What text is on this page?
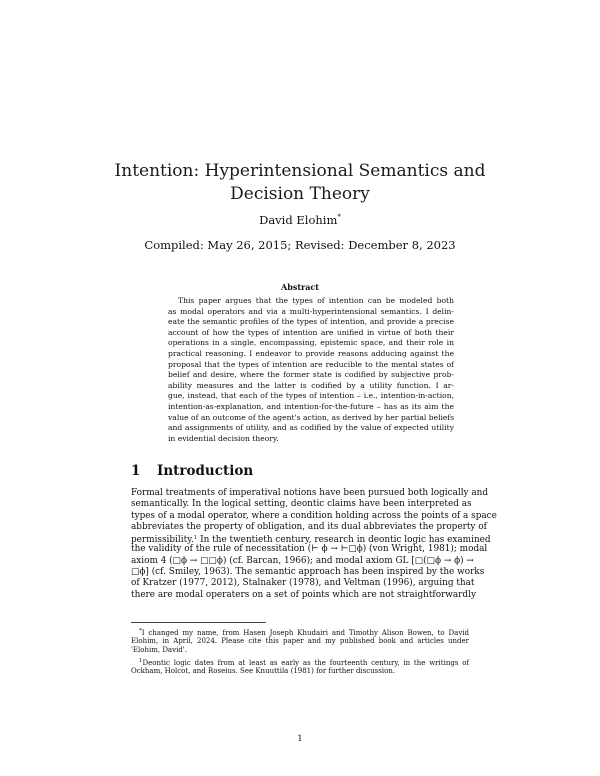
Intention: Hyperintensional Semantics and
Decision Theory
David Elohim*
Compiled: May 26, 2015; Revised: December 8, 2023
Abstract
This paper argues that the types of intention can be modeled both
as modal operators and via a multi-hyperintensional semantics. I delin-
eate the semantic profiles of the types of intention, and provide a precise
account of how the types of intention are unified in virtue of both their
operations in a single, encompassing, epistemic space, and their role in
practical reasoning. I endeavor to provide reasons adducing against the
proposal that the types of intention are reducible to the mental states of
belief and desire, where the former state is codified by subjective prob-
ability measures and the latter is codified by a utility function. I ar-
gue, instead, that each of the types of intention – i.e., intention-in-action,
intention-as-explanation, and intention-for-the-future – has as its aim the
value of an outcome of the agent's action, as derived by her partial beliefs
and assignments of utility, and as codified by the value of expected utility
in evidential decision theory.
1 Introduction
Formal treatments of imperatival notions have been pursued both logically and
semantically. In the logical setting, deontic claims have been interpreted as
types of a modal operator, where a condition holding across the points of a space
abbreviates the property of obligation, and its dual abbreviates the property of
permissibility.$^1$ In the twentieth century, research in deontic logic has examined
the validity of the rule of necessitation (⊢ ϕ → ⊢□ϕ) (von Wright, 1981); modal
axiom 4 (□ϕ → □□ϕ) (cf. Barcan, 1966); and modal axiom GL [□(□ϕ → ϕ) →
□ϕ] (cf. Smiley, 1963). The semantic approach has been inspired by the works
of Kratzer (1977, 2012), Stalnaker (1978), and Veltman (1996), arguing that
there are modal operaters on a set of points which are not straightforwardly
*I changed my name, from Hasen Joseph Khudairi and Timothy Alison Bowen, to David
Elohim, in April, 2024. Please cite this paper and my published book and articles under
'Elohim, David'.
$^1$Deontic logic dates from at least as early as the fourteenth century, in the writings of
Ockham, Holcot, and Roseius. See Knuuttila (1981) for further discussion.
1
